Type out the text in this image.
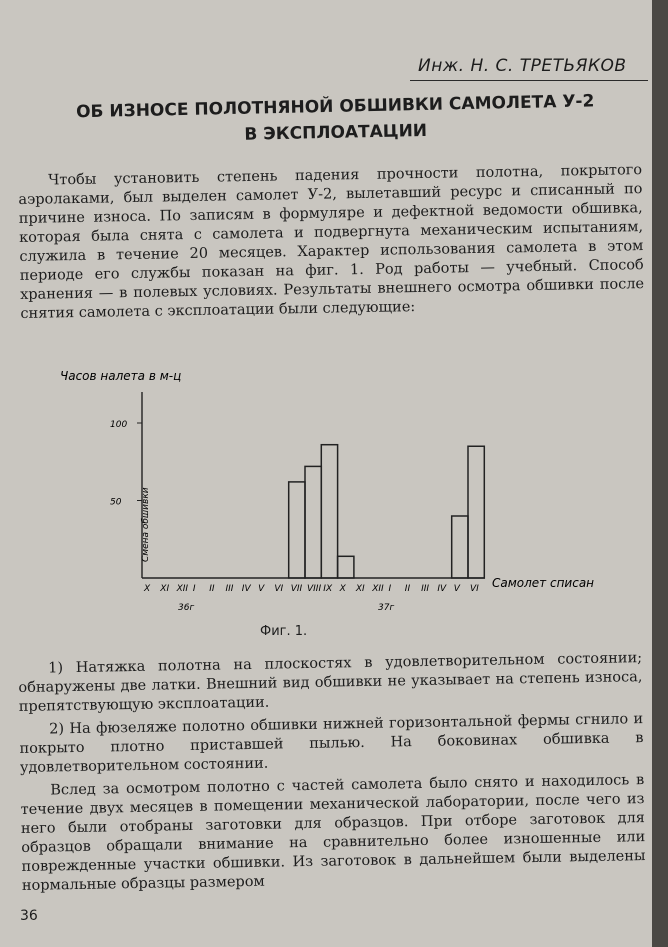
Инж. Н. С. ТРЕТЬЯКОВ
ОБ ИЗНОСЕ ПОЛОТНЯНОЙ ОБШИВКИ САМОЛЕТА У-2
В ЭКСПЛОАТАЦИИ

Чтобы установить степень падения прочности полотна, покрытого аэролаками, был выделен самолет У-2, вылетавший ресурс и списанный по причине износа. По записям в формуляре и дефектной ведомости обшивка, которая была снята с самолета и подвергнута механическим испытаниям, служила в течение 20 месяцев. Характер использования самолета в этом периоде его службы показан на фиг. 1. Род работы — учебный. Способ хранения — в полевых условиях. Результаты внешнего осмотра обшивки после снятия самолета с эксплоатации были следующие:

Часов налета в м-ц
50
100
X XI XII I II III IV V VI VII VIII IX X XI XII I II III IV V VI
Смена обшивки
Самолет списан
36г	37г
Фиг. 1.

1) Натяжка полотна на плоскостях в удовлетворительном состоянии; обнаружены две латки. Внешний вид обшивки не указывает на степень износа, препятствующую эксплоатации.

2) На фюзеляже полотно обшивки нижней горизонтальной фермы сгнило и покрыто плотно приставшей пылью. На боковинах обшивка в удовлетворительном состоянии.

Вслед за осмотром полотно с частей самолета было снято и находилось в течение двух месяцев в помещении механической лаборатории, после чего из него были отобраны заготовки для образцов. При отборе заготовок для образцов обращали внимание на сравнительно более изношенные или поврежденные участки обшивки. Из заготовок в дальнейшем были выделены нормальные образцы размером

36
